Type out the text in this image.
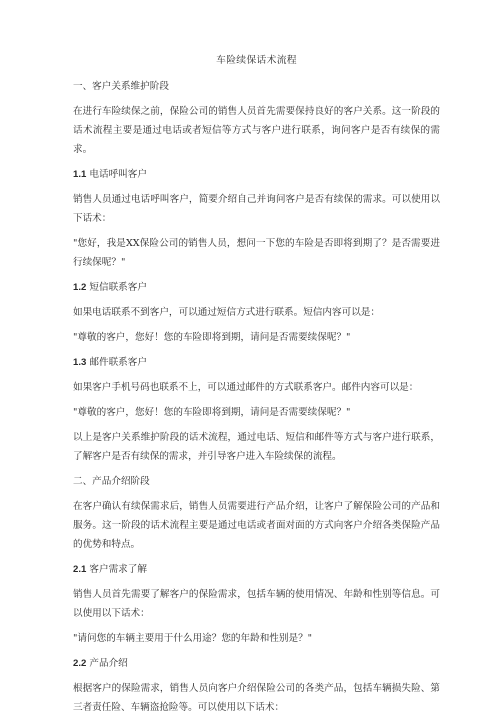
车险续保话术流程
一、客户关系维护阶段

在进行车险续保之前，保险公司的销售人员首先需要保持良好的客户关系。这一阶段的话术流程主要是通过电话或者短信等方式与客户进行联系，询问客户是否有续保的需求。

1.1 电话呼叫客户

销售人员通过电话呼叫客户，简要介绍自己并询问客户是否有续保的需求。可以使用以下话术：

"您好，我是XX保险公司的销售人员，想问一下您的车险是否即将到期了？是否需要进行续保呢？"

1.2 短信联系客户

如果电话联系不到客户，可以通过短信方式进行联系。短信内容可以是：

"尊敬的客户，您好！您的车险即将到期，请问是否需要续保呢？"

1.3 邮件联系客户

如果客户手机号码也联系不上，可以通过邮件的方式联系客户。邮件内容可以是：

"尊敬的客户，您好！您的车险即将到期，请问是否需要续保呢？"

以上是客户关系维护阶段的话术流程，通过电话、短信和邮件等方式与客户进行联系，了解客户是否有续保的需求，并引导客户进入车险续保的流程。

二、产品介绍阶段

在客户确认有续保需求后，销售人员需要进行产品介绍，让客户了解保险公司的产品和服务。这一阶段的话术流程主要是通过电话或者面对面的方式向客户介绍各类保险产品的优势和特点。

2.1 客户需求了解

销售人员首先需要了解客户的保险需求，包括车辆的使用情况、年龄和性别等信息。可以使用以下话术：

"请问您的车辆主要用于什么用途？您的年龄和性别是？"

2.2 产品介绍

根据客户的保险需求，销售人员向客户介绍保险公司的各类产品，包括车辆损失险、第三者责任险、车辆盗抢险等。可以使用以下话术：
